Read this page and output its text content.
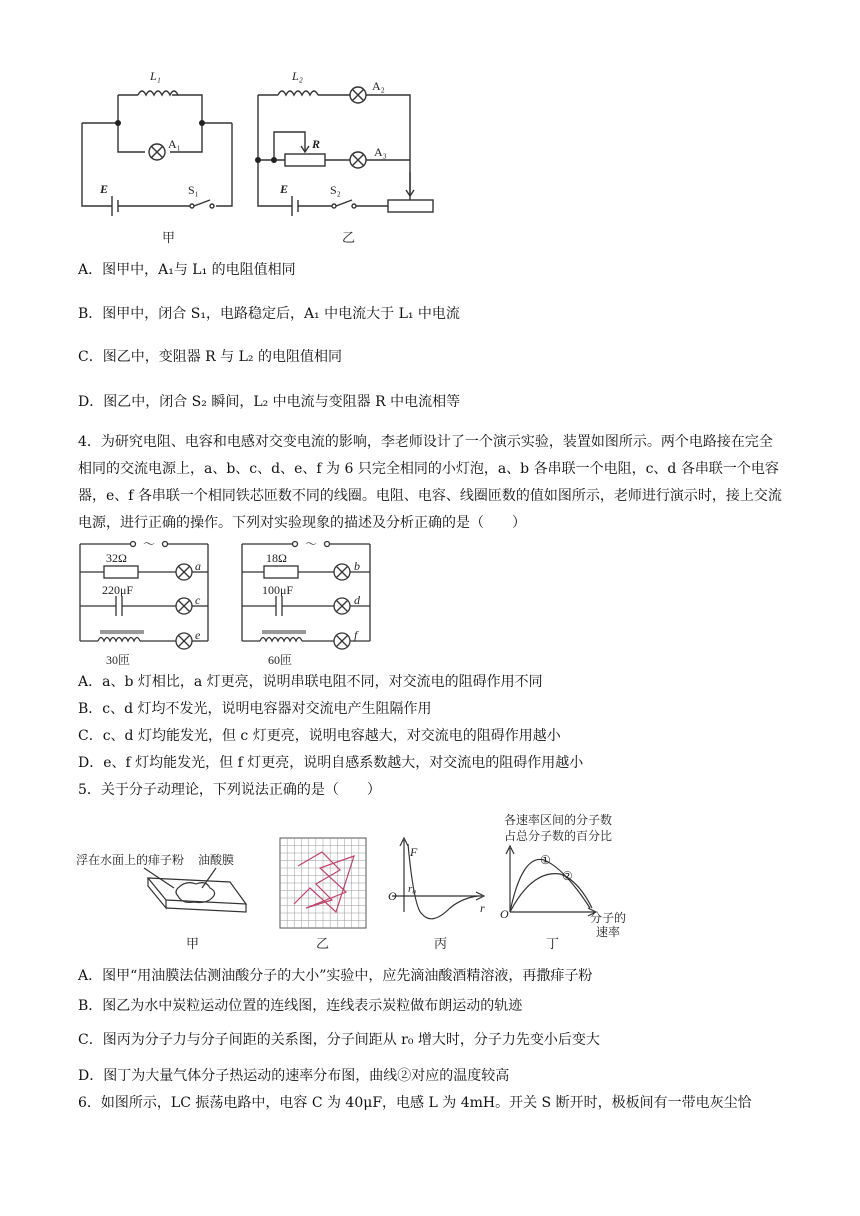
L₁
A₁
E	S₁
甲
L₂
A₂
R
A₃
E	S₂
乙
A．图甲中，A₁与 L₁ 的电阻值相同
B．图甲中，闭合 S₁，电路稳定后，A₁ 中电流大于 L₁ 中电流
C．图乙中，变阻器 R 与 L₂ 的电阻值相同
D．图乙中，闭合 S₂ 瞬间，L₂ 中电流与变阻器 R 中电流相等
4．为研究电阻、电容和电感对交变电流的影响，李老师设计了一个演示实验，装置如图所示。两个电路接在完全相同的交流电源上，a、b、c、d、e、f 为 6 只完全相同的小灯泡，a、b 各串联一个电阻，c、d 各串联一个电容器，e、f 各串联一个相同铁芯匝数不同的线圈。电阻、电容、线圈匝数的值如图所示，老师进行演示时，接上交流电源，进行正确的操作。下列对实验现象的描述及分析正确的是（　　）
～	～
32Ω
220μF
30匝
a
c
e
18Ω
100μF
60匝
b
d
f
A．a、b 灯相比，a 灯更亮，说明串联电阻不同，对交流电的阻碍作用不同
B．c、d 灯均不发光，说明电容器对交流电产生阻隔作用
C．c、d 灯均能发光，但 c 灯更亮，说明电容越大，对交流电的阻碍作用越小
D．e、f 灯均能发光，但 f 灯更亮，说明自感系数越大，对交流电的阻碍作用越小
5．关于分子动理论，下列说法正确的是（　　）
浮在水面上的痱子粉 油酸膜
甲	乙
F
r
r₀
O
丙
各速率区间的分子数
占总分子数的百分比
①
②
O	分子的
速率
丁
A．图甲“用油膜法估测油酸分子的大小”实验中，应先滴油酸酒精溶液，再撒痱子粉
B．图乙为水中炭粒运动位置的连线图，连线表示炭粒做布朗运动的轨迹
C．图丙为分子力与分子间距的关系图，分子间距从 r₀ 增大时，分子力先变小后变大
D．图丁为大量气体分子热运动的速率分布图，曲线②对应的温度较高
6．如图所示，LC 振荡电路中，电容 C 为 40μF，电感 L 为 4mH。开关 S 断开时，极板间有一带电灰尘恰
